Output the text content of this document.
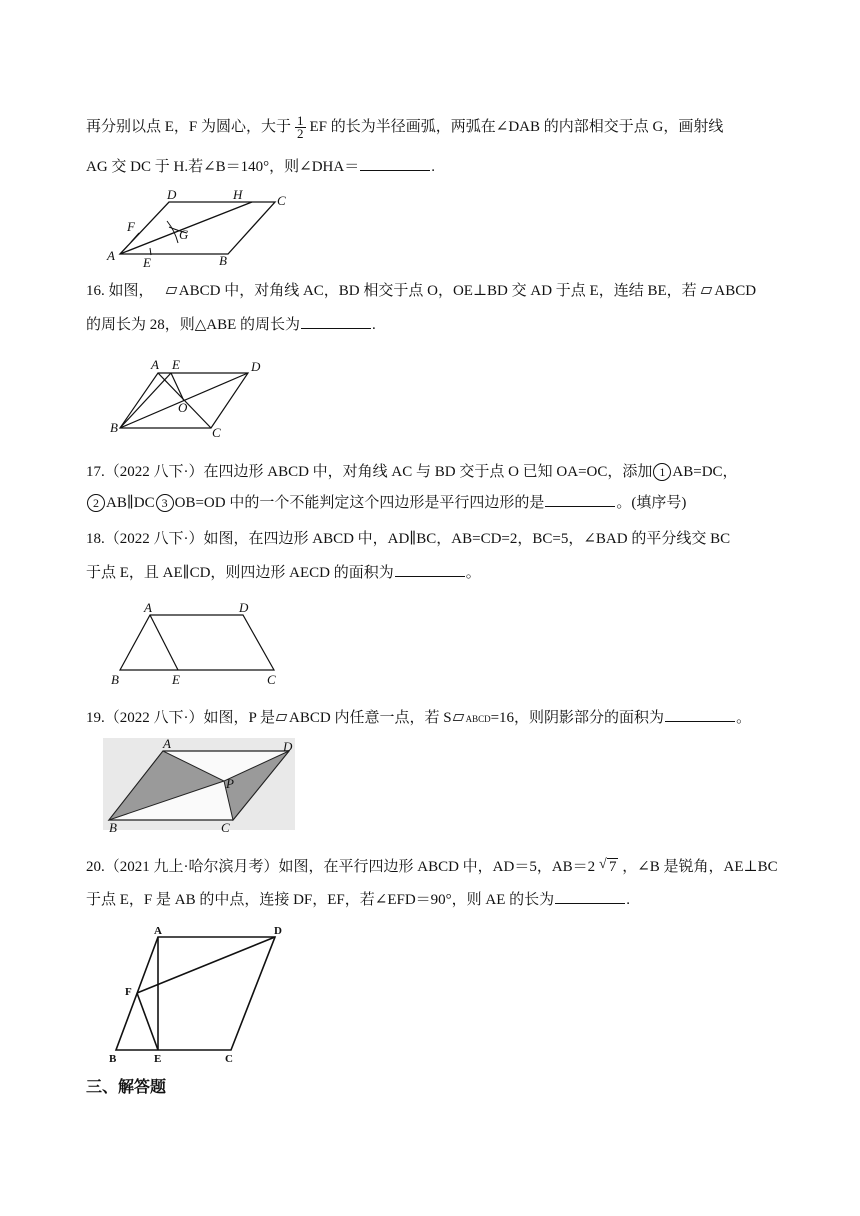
再分别以点 E，F 为圆心，大于 $\frac{1}{2}$ EF 的长为半径画弧，两弧在∠DAB 的内部相交于点 G，画射线
AG 交 DC 于 H.若∠B＝140°，则∠DHA＝	.
D	H	C
F
G
A E	B
16. 如图， ABCD 中，对角线 AC，BD 相交于点 O，OE⊥BD 交 AD 于点 E，连结 BE，若 ABCD
的周长为 28，则△ABE 的周长为	.
A E	D
O
B	C
17.（2022 八下·）在四边形 ABCD 中，对角线 AC 与 BD 交于点 O 已知 OA=OC，添加 1 AB=DC，
2 AB∥DC 3 OB=OD 中的一个不能判定这个四边形是平行四边形的是	。(填序号)
18.（2022 八下·）如图，在四边形 ABCD 中，AD∥BC，AB=CD=2，BC=5，∠BAD 的平分线交 BC
于点 E，且 AE∥CD，则四边形 AECD 的面积为	。
A	D
B	E	C
19.（2022 八下·）如图，P 是 ABCD 内任意一点，若 S ABCD=16，则阴影部分的面积为	。
A	D
P
B	C
20.（2021 九上·哈尔滨月考）如图，在平行四边形 ABCD 中，AD＝5，AB＝2 √ 7 ，∠B 是锐角，AE⊥BC
于点 E，F 是 AB 的中点，连接 DF，EF，若∠EFD＝90°，则 AE 的长为	.
A	D
F
B	E	C
三、解答题
